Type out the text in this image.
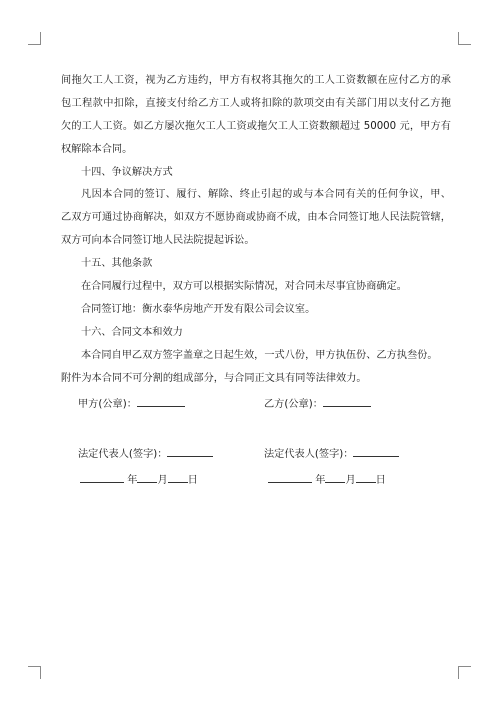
间拖欠工人工资，视为乙方违约，甲方有权将其拖欠的工人工资数额在应付乙方的承
包工程款中扣除，直接支付给乙方工人或将扣除的款项交由有关部门用以支付乙方拖
欠的工人工资。如乙方屡次拖欠工人工资或拖欠工人工资数额超过 50000 元，甲方有
权解除本合同。
十四、争议解决方式
凡因本合同的签订、履行、解除、终止引起的或与本合同有关的任何争议，甲、
乙双方可通过协商解决，如双方不愿协商或协商不成，由本合同签订地人民法院管辖，
双方可向本合同签订地人民法院提起诉讼。
十五、其他条款
在合同履行过程中，双方可以根据实际情况，对合同未尽事宜协商确定。
合同签订地：衡水泰华房地产开发有限公司会议室。
十六、合同文本和效力
本合同自甲乙双方签字盖章之日起生效，一式八份，甲方执伍份、乙方执叁份。
附件为本合同不可分割的组成部分，与合同正文具有同等法律效力。
甲方(公章)：	乙方(公章)：
法定代表人(签字)：	法定代表人(签字)：
年 月 日	年 月 日
